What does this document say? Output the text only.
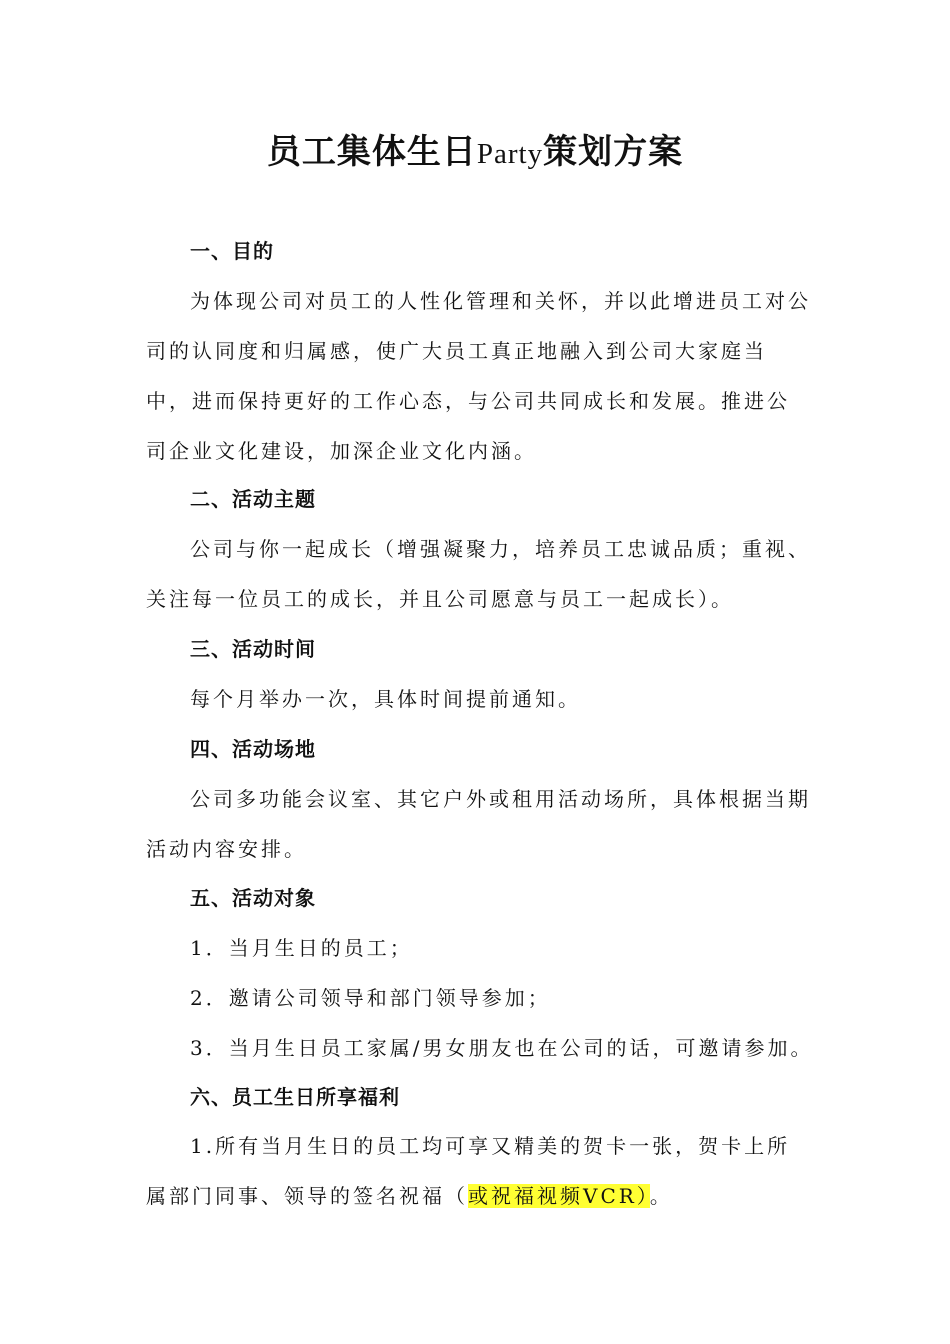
员工集体生日Party策划方案
一、目的
为体现公司对员工的人性化管理和关怀，并以此增进员工对公司的认同度和归属感，使广大员工真正地融入到公司大家庭当中，进而保持更好的工作心态，与公司共同成长和发展。推进公司企业文化建设，加深企业文化内涵。
二、活动主题
公司与你一起成长（增强凝聚力，培养员工忠诚品质；重视、关注每一位员工的成长，并且公司愿意与员工一起成长）。
三、活动时间
每个月举办一次，具体时间提前通知。
四、活动场地
公司多功能会议室、其它户外或租用活动场所，具体根据当期活动内容安排。
五、活动对象
1．当月生日的员工；
2．邀请公司领导和部门领导参加；
3．当月生日员工家属/男女朋友也在公司的话，可邀请参加。
六、员工生日所享福利
1.所有当月生日的员工均可享又精美的贺卡一张，贺卡上所属部门同事、领导的签名祝福（或祝福视频VCR）。
